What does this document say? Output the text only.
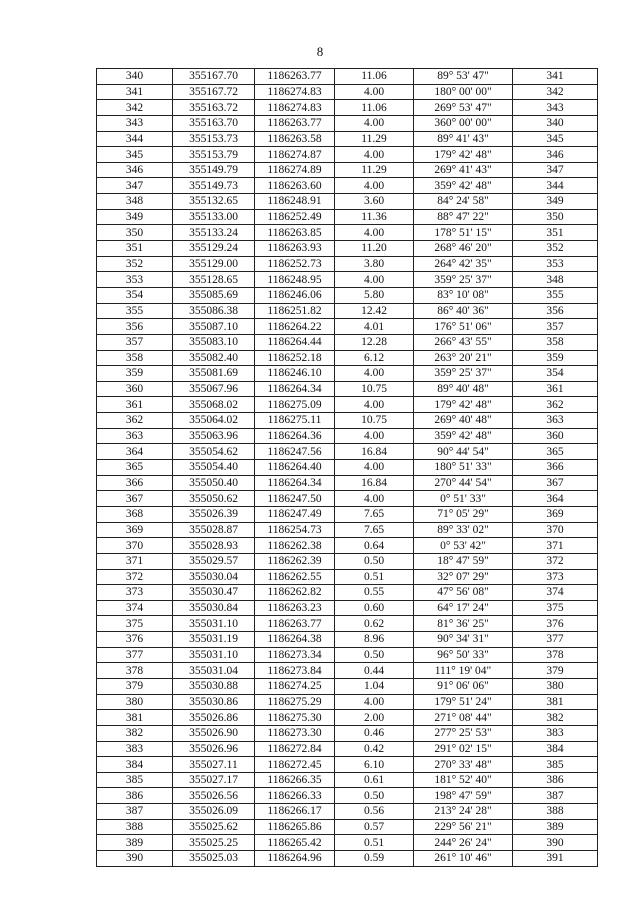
8
340	355167.70	1186263.77	11.06	89° 53' 47"	341
341	355167.72	1186274.83	4.00	180° 00' 00"	342
342	355163.72	1186274.83	11.06	269° 53' 47"	343
343	355163.70	1186263.77	4.00	360° 00' 00"	340
344	355153.73	1186263.58	11.29	89° 41' 43"	345
345	355153.79	1186274.87	4.00	179° 42' 48"	346
346	355149.79	1186274.89	11.29	269° 41' 43"	347
347	355149.73	1186263.60	4.00	359° 42' 48"	344
348	355132.65	1186248.91	3.60	84° 24' 58"	349
349	355133.00	1186252.49	11.36	88° 47' 22"	350
350	355133.24	1186263.85	4.00	178° 51' 15"	351
351	355129.24	1186263.93	11.20	268° 46' 20"	352
352	355129.00	1186252.73	3.80	264° 42' 35"	353
353	355128.65	1186248.95	4.00	359° 25' 37"	348
354	355085.69	1186246.06	5.80	83° 10' 08"	355
355	355086.38	1186251.82	12.42	86° 40' 36"	356
356	355087.10	1186264.22	4.01	176° 51' 06"	357
357	355083.10	1186264.44	12.28	266° 43' 55"	358
358	355082.40	1186252.18	6.12	263° 20' 21"	359
359	355081.69	1186246.10	4.00	359° 25' 37"	354
360	355067.96	1186264.34	10.75	89° 40' 48"	361
361	355068.02	1186275.09	4.00	179° 42' 48"	362
362	355064.02	1186275.11	10.75	269° 40' 48"	363
363	355063.96	1186264.36	4.00	359° 42' 48"	360
364	355054.62	1186247.56	16.84	90° 44' 54"	365
365	355054.40	1186264.40	4.00	180° 51' 33"	366
366	355050.40	1186264.34	16.84	270° 44' 54"	367
367	355050.62	1186247.50	4.00	0° 51' 33"	364
368	355026.39	1186247.49	7.65	71° 05' 29"	369
369	355028.87	1186254.73	7.65	89° 33' 02"	370
370	355028.93	1186262.38	0.64	0° 53' 42"	371
371	355029.57	1186262.39	0.50	18° 47' 59"	372
372	355030.04	1186262.55	0.51	32° 07' 29"	373
373	355030.47	1186262.82	0.55	47° 56' 08"	374
374	355030.84	1186263.23	0.60	64° 17' 24"	375
375	355031.10	1186263.77	0.62	81° 36' 25"	376
376	355031.19	1186264.38	8.96	90° 34' 31"	377
377	355031.10	1186273.34	0.50	96° 50' 33"	378
378	355031.04	1186273.84	0.44	111° 19' 04"	379
379	355030.88	1186274.25	1.04	91° 06' 06"	380
380	355030.86	1186275.29	4.00	179° 51' 24"	381
381	355026.86	1186275.30	2.00	271° 08' 44"	382
382	355026.90	1186273.30	0.46	277° 25' 53"	383
383	355026.96	1186272.84	0.42	291° 02' 15"	384
384	355027.11	1186272.45	6.10	270° 33' 48"	385
385	355027.17	1186266.35	0.61	181° 52' 40"	386
386	355026.56	1186266.33	0.50	198° 47' 59"	387
387	355026.09	1186266.17	0.56	213° 24' 28"	388
388	355025.62	1186265.86	0.57	229° 56' 21"	389
389	355025.25	1186265.42	0.51	244° 26' 24"	390
390	355025.03	1186264.96	0.59	261° 10' 46"	391
